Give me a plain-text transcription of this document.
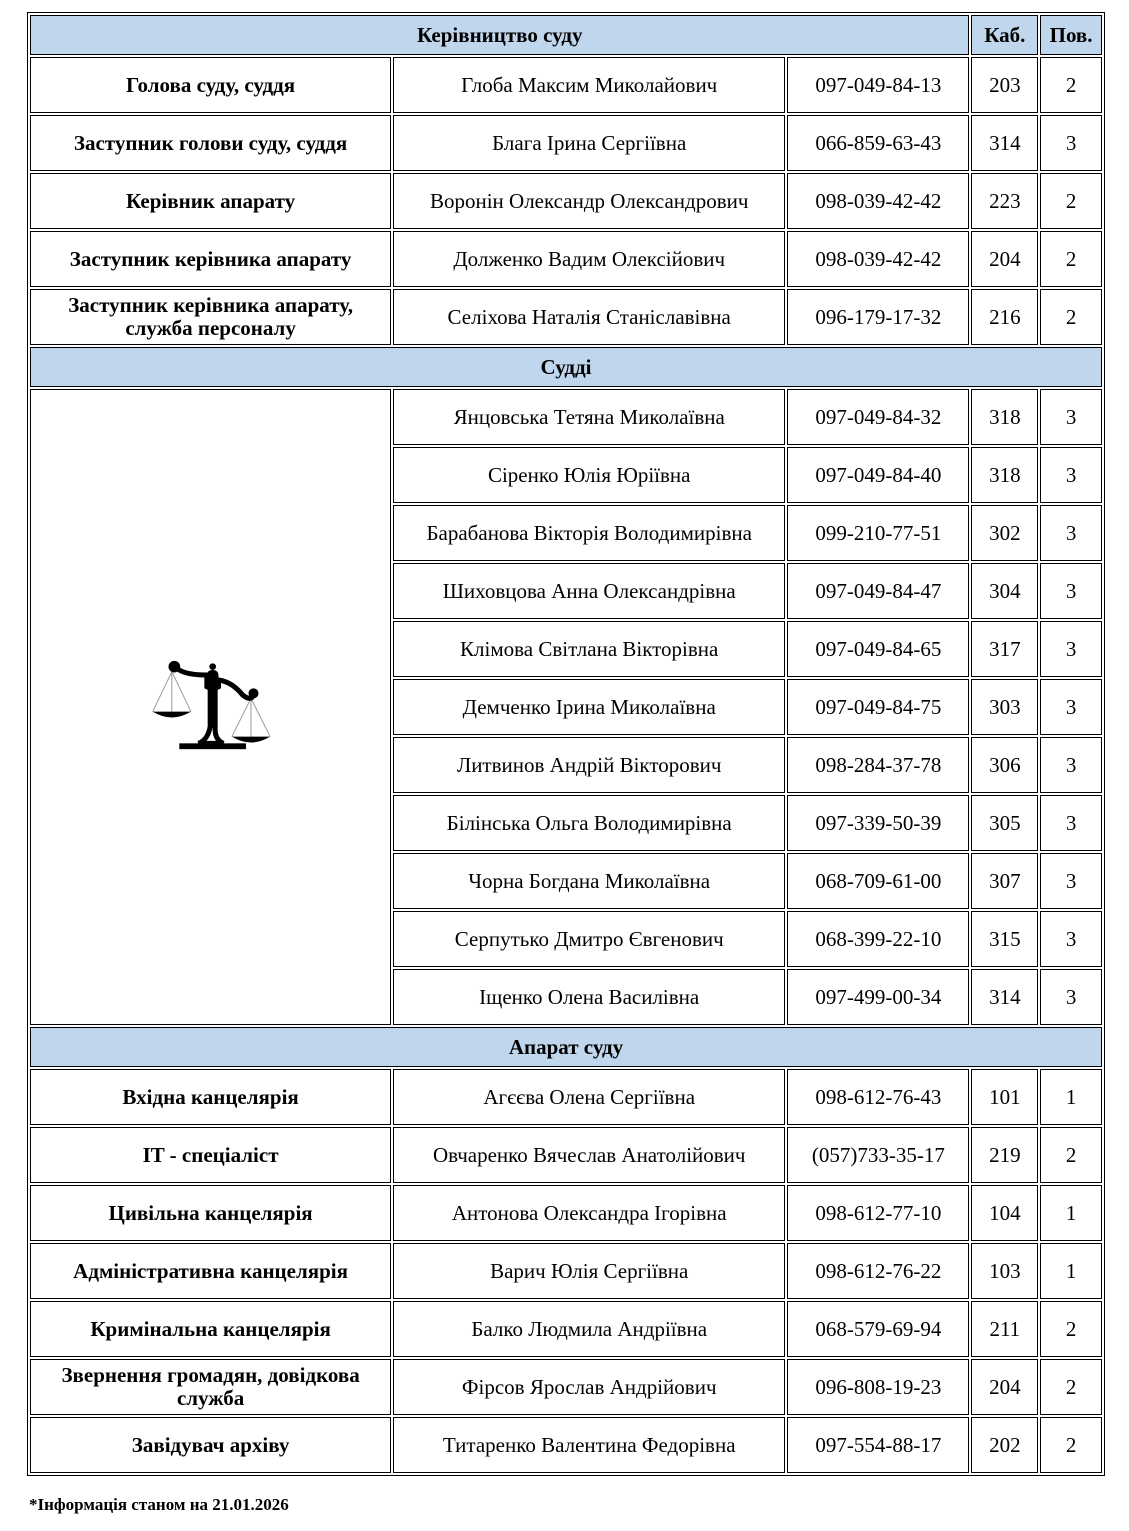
Керівництво суду			Каб.	Пов.
Голова суду, суддя	Глоба Максим Миколайович	097-049-84-13	203	2
Заступник голови суду, суддя	Блага Ірина Сергіївна	066-859-63-43	314	3
Керівник апарату	Воронін Олександр Олександрович	098-039-42-42	223	2
Заступник керівника апарату	Долженко Вадим Олексійович	098-039-42-42	204	2
Заступник керівника апарату, служба персоналу	Селіхова Наталія Станіславівна	096-179-17-32	216	2
Судді				
	Янцовська Тетяна Миколаївна	097-049-84-32	318	3
	Сіренко Юлія Юріївна	097-049-84-40	318	3
	Барабанова Вікторія Володимирівна	099-210-77-51	302	3
	Шиховцова Анна Олександрівна	097-049-84-47	304	3
	Клімова Світлана Вікторівна	097-049-84-65	317	3
	Демченко Ірина Миколаївна	097-049-84-75	303	3
	Литвинов Андрій Вікторович	098-284-37-78	306	3
	Білінська Ольга Володимирівна	097-339-50-39	305	3
	Чорна Богдана Миколаївна	068-709-61-00	307	3
	Серпутько Дмитро Євгенович	068-399-22-10	315	3
	Іщенко Олена Василівна	097-499-00-34	314	3
Апарат суду				
Вхідна канцелярія	Агєєва Олена Сергіївна	098-612-76-43	101	1
IT - спеціаліст	Овчаренко Вячеслав Анатолійович	(057)733-35-17	219	2
Цивільна канцелярія	Антонова Олександра Ігорівна	098-612-77-10	104	1
Адміністративна канцелярія	Варич Юлія Сергіївна	098-612-76-22	103	1
Кримінальна канцелярія	Балко Людмила Андріївна	068-579-69-94	211	2
Звернення громадян, довідкова служба	Фірсов Ярослав Андрійович	096-808-19-23	204	2
Завідувач архіву	Титаренко Валентина Федорівна	097-554-88-17	202	2
*Інформація станом на 21.01.2026
